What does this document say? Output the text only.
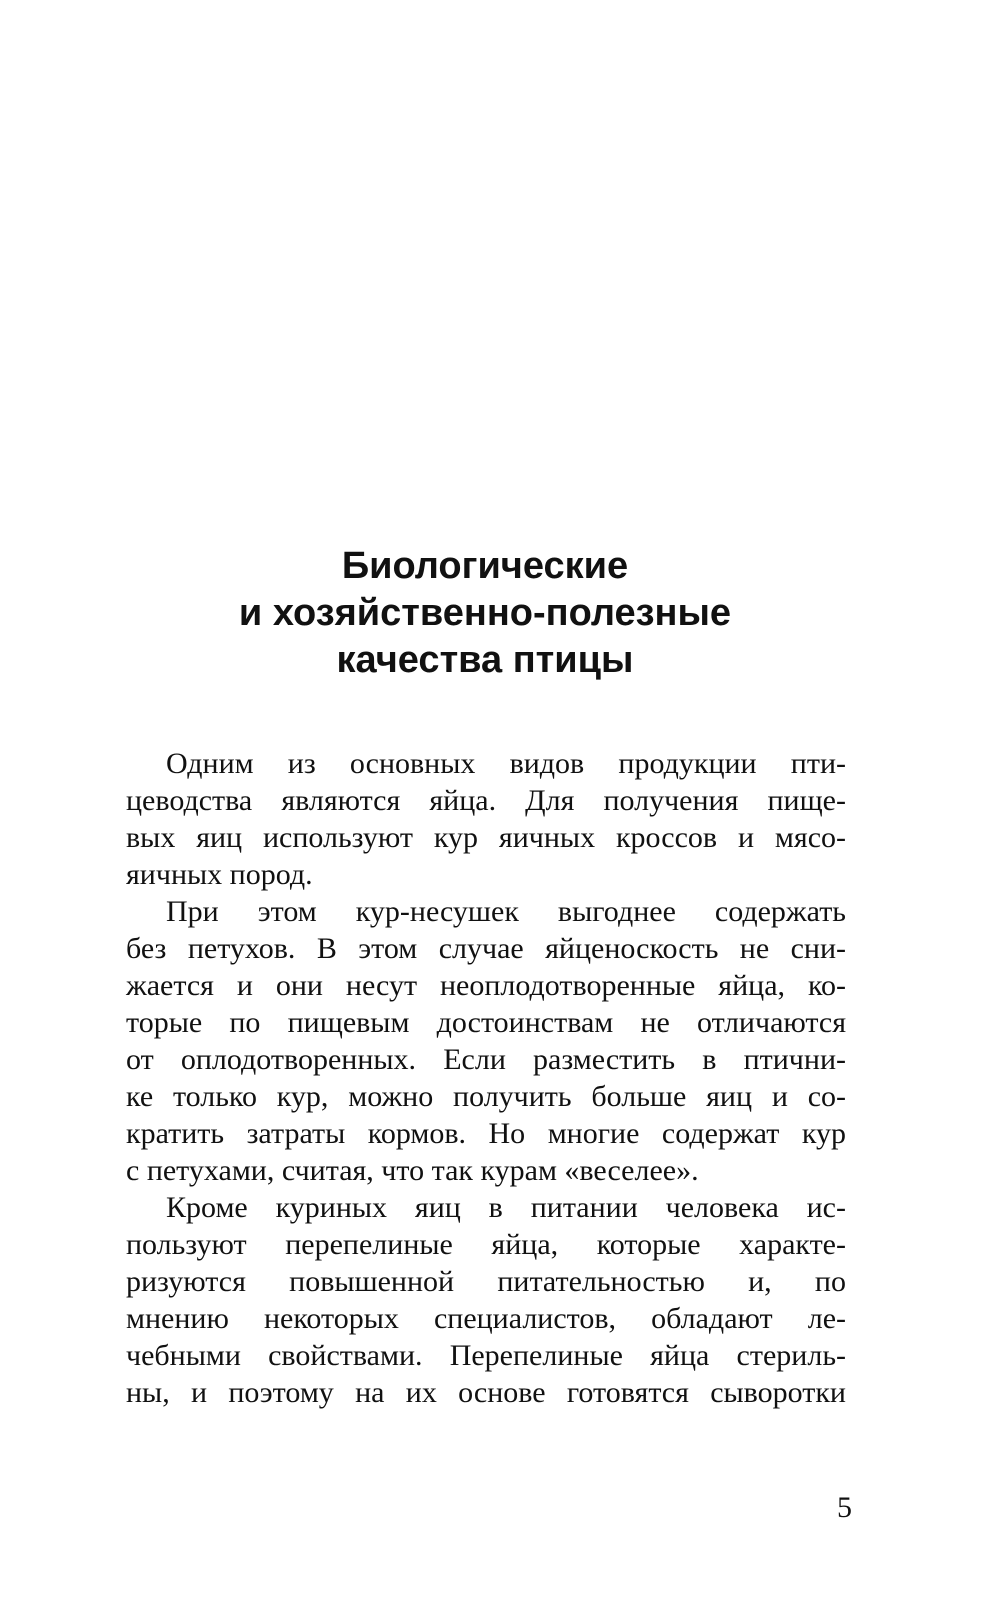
Биологические
и хозяйственно-полезные
качества птицы

Одним из основных видов продукции пти-
цеводства являются яйца. Для получения пище-
вых яиц используют кур яичных кроссов и мясо-
яичных пород.

При этом кур-несушек выгоднее содержать
без петухов. В этом случае яйценоскость не сни-
жается и они несут неоплодотворенные яйца, ко-
торые по пищевым достоинствам не отличаются
от оплодотворенных. Если разместить в птични-
ке только кур, можно получить больше яиц и со-
кратить затраты кормов. Но многие содержат кур
с петухами, считая, что так курам «веселее».

Кроме куриных яиц в питании человека ис-
пользуют перепелиные яйца, которые характе-
ризуются повышенной питательностью и, по
мнению некоторых специалистов, обладают ле-
чебными свойствами. Перепелиные яйца стериль-
ны, и поэтому на их основе готовятся сыворотки

5
